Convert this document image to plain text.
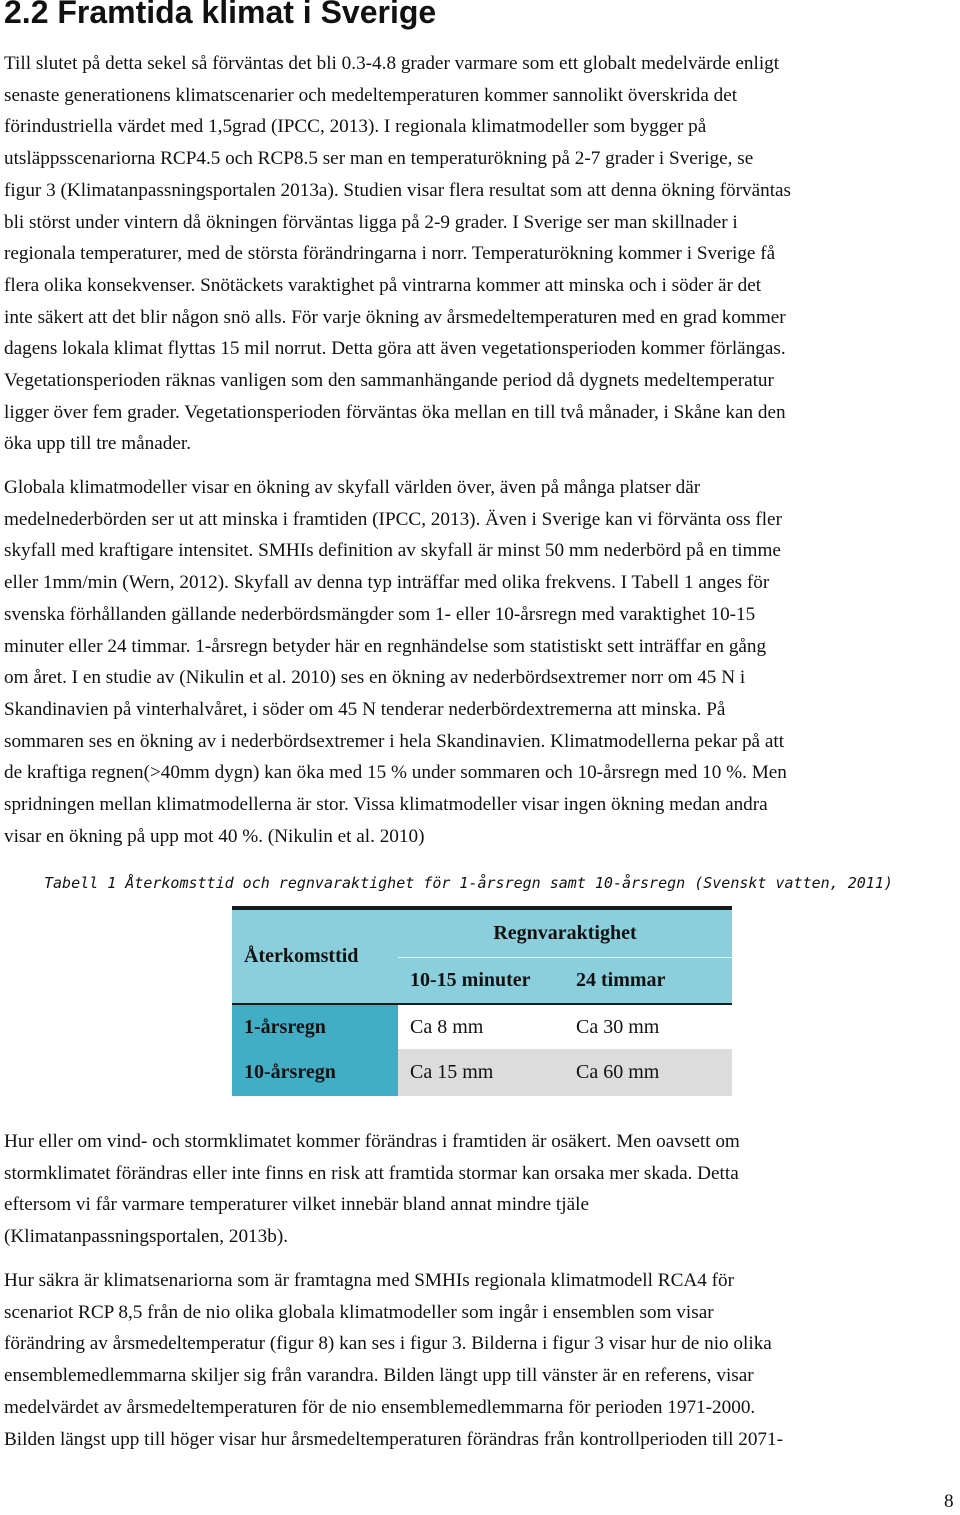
2.2 Framtida klimat i Sverige

Till slutet på detta sekel så förväntas det bli 0.3-4.8 grader varmare som ett globalt medelvärde enligt
senaste generationens klimatscenarier och medeltemperaturen kommer sannolikt överskrida det
förindustriella värdet med 1,5grad (IPCC, 2013). I regionala klimatmodeller som bygger på
utsläppsscenariorna RCP4.5 och RCP8.5 ser man en temperaturökning på 2-7 grader i Sverige, se
figur 3 (Klimatanpassningsportalen 2013a). Studien visar flera resultat som att denna ökning förväntas
bli störst under vintern då ökningen förväntas ligga på 2-9 grader. I Sverige ser man skillnader i
regionala temperaturer, med de största förändringarna i norr. Temperaturökning kommer i Sverige få
flera olika konsekvenser. Snötäckets varaktighet på vintrarna kommer att minska och i söder är det
inte säkert att det blir någon snö alls. För varje ökning av årsmedeltemperaturen med en grad kommer
dagens lokala klimat flyttas 15 mil norrut. Detta göra att även vegetationsperioden kommer förlängas.
Vegetationsperioden räknas vanligen som den sammanhängande period då dygnets medeltemperatur
ligger över fem grader. Vegetationsperioden förväntas öka mellan en till två månader, i Skåne kan den
öka upp till tre månader.

Globala klimatmodeller visar en ökning av skyfall världen över, även på många platser där
medelnederbörden ser ut att minska i framtiden (IPCC, 2013). Även i Sverige kan vi förvänta oss fler
skyfall med kraftigare intensitet. SMHIs definition av skyfall är minst 50 mm nederbörd på en timme
eller 1mm/min (Wern, 2012). Skyfall av denna typ inträffar med olika frekvens. I Tabell 1 anges för
svenska förhållanden gällande nederbördsmängder som 1- eller 10-årsregn med varaktighet 10-15
minuter eller 24 timmar. 1-årsregn betyder här en regnhändelse som statistiskt sett inträffar en gång
om året. I en studie av (Nikulin et al. 2010) ses en ökning av nederbördsextremer norr om 45 N i
Skandinavien på vinterhalvåret, i söder om 45 N tenderar nederbördextremerna att minska. På
sommaren ses en ökning av i nederbördsextremer i hela Skandinavien. Klimatmodellerna pekar på att
de kraftiga regnen(>40mm dygn) kan öka med 15 % under sommaren och 10-årsregn med 10 %. Men
spridningen mellan klimatmodellerna är stor. Vissa klimatmodeller visar ingen ökning medan andra
visar en ökning på upp mot 40 %. (Nikulin et al. 2010)

Tabell 1 Återkomsttid och regnvaraktighet för 1-årsregn samt 10-årsregn (Svenskt vatten, 2011)

Återkomsttid
Regnvaraktighet
10-15 minuter	24 timmar
1-årsregn	Ca 8 mm	Ca 30 mm
10-årsregn	Ca 15 mm	Ca 60 mm

Hur eller om vind- och stormklimatet kommer förändras i framtiden är osäkert. Men oavsett om
stormklimatet förändras eller inte finns en risk att framtida stormar kan orsaka mer skada. Detta
eftersom vi får varmare temperaturer vilket innebär bland annat mindre tjäle
(Klimatanpassningsportalen, 2013b).

Hur säkra är klimatsenariorna som är framtagna med SMHIs regionala klimatmodell RCA4 för
scenariot RCP 8,5 från de nio olika globala klimatmodeller som ingår i ensemblen som visar
förändring av årsmedeltemperatur (figur 8) kan ses i figur 3. Bilderna i figur 3 visar hur de nio olika
ensemblemedlemmarna skiljer sig från varandra. Bilden längt upp till vänster är en referens, visar
medelvärdet av årsmedeltemperaturen för de nio ensemblemedlemmarna för perioden 1971-2000.
Bilden längst upp till höger visar hur årsmedeltemperaturen förändras från kontrollperioden till 2071-

8
